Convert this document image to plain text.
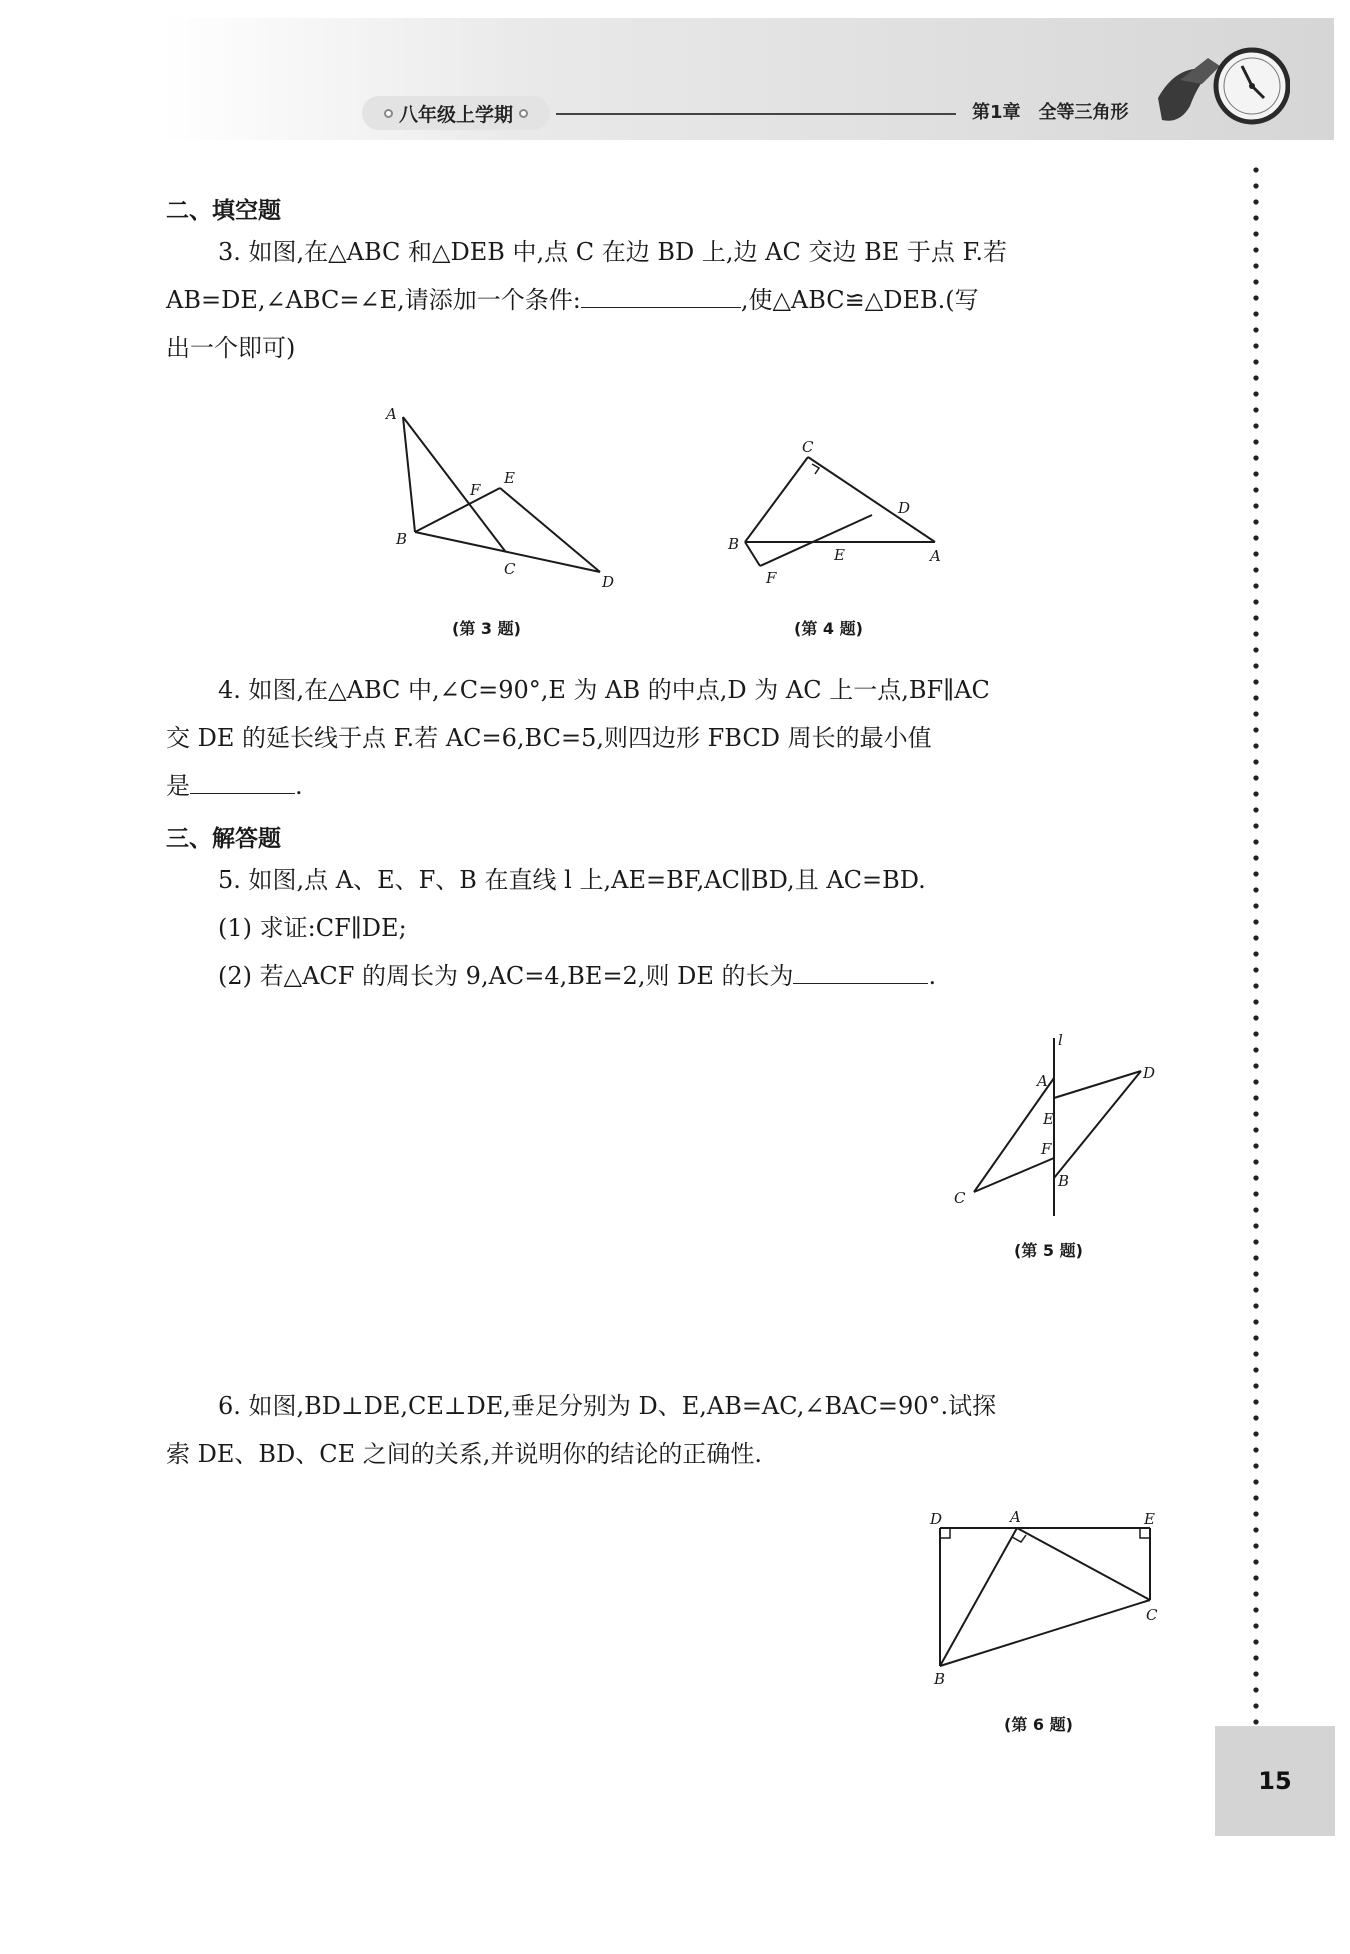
八年级上学期	第1章 全等三角形
二、填空题
3. 如图,在△ABC 和△DEB 中,点 C 在边 BD 上,边 AC 交边 BE 于点 F.若
AB=DE,∠ABC=∠E,请添加一个条件:	,使△ABC≌△DEB.(写
出一个即可)
A
B
C
D
E
F
(第 3 题)
C
B
A
D
E
F
(第 4 题)
4. 如图,在△ABC 中,∠C=90°,E 为 AB 的中点,D 为 AC 上一点,BF∥AC
交 DE 的延长线于点 F.若 AC=6,BC=5,则四边形 FBCD 周长的最小值
是	.
三、解答题
5. 如图,点 A、E、F、B 在直线 l 上,AE=BF,AC∥BD,且 AC=BD.
(1) 求证:CF∥DE;
(2) 若△ACF 的周长为 9,AC=4,BE=2,则 DE 的长为	.
l
A
E
F
B
C
D
(第 5 题)
6. 如图,BD⊥DE,CE⊥DE,垂足分别为 D、E,AB=AC,∠BAC=90°.试探
索 DE、BD、CE 之间的关系,并说明你的结论的正确性.
D	A	E
C
B
(第 6 题)
15
